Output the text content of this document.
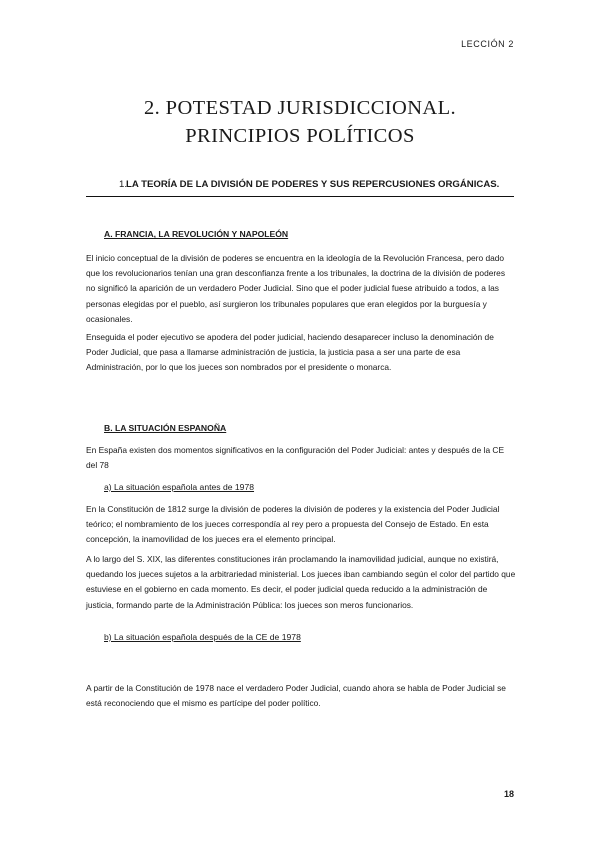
LECCIÓN 2
2. POTESTAD JURISDICCIONAL.
PRINCIPIOS POLÍTICOS
1.LA TEORÍA DE LA DIVISIÓN DE PODERES Y SUS REPERCUSIONES ORGÁNICAS.
A. FRANCIA, LA REVOLUCIÓN Y NAPOLEÓN

El inicio conceptual de la división de poderes se encuentra en la ideología de la Revolución Francesa, pero dado que los revolucionarios tenían una gran desconfianza frente a los tribunales, la doctrina de la división de poderes no significó la aparición de un verdadero Poder Judicial. Sino que el poder judicial fuese atribuido a todos, a las personas elegidas por el pueblo, así surgieron los tribunales populares que eran elegidos por la burguesía y ocasionales.

Enseguida el poder ejecutivo se apodera del poder judicial, haciendo desaparecer incluso la denominación de Poder Judicial, que pasa a llamarse administración de justicia, la justicia pasa a ser una parte de esa Administración, por lo que los jueces son nombrados por el presidente o monarca.

B. LA SITUACIÓN ESPANOÑA

En España existen dos momentos significativos en la configuración del Poder Judicial: antes y después de la CE del 78

a) La situación española antes de 1978

En la Constitución de 1812 surge la división de poderes la división de poderes y la existencia del Poder Judicial teórico; el nombramiento de los jueces correspondía al rey pero a propuesta del Consejo de Estado. En esta concepción, la inamovilidad de los jueces era el elemento principal.

A lo largo del S. XIX, las diferentes constituciones irán proclamando la inamovilidad judicial, aunque no existirá, quedando los jueces sujetos a la arbitrariedad ministerial. Los jueces iban cambiando según el color del partido que estuviese en el gobierno en cada momento. Es decir, el poder judicial queda reducido a la administración de justicia, formando parte de la Administración Pública: los jueces son meros funcionarios.

b) La situación española después de la CE de 1978

A partir de la Constitución de 1978 nace el verdadero Poder Judicial, cuando ahora se habla de Poder Judicial se está reconociendo que el mismo es partícipe del poder político.

18
